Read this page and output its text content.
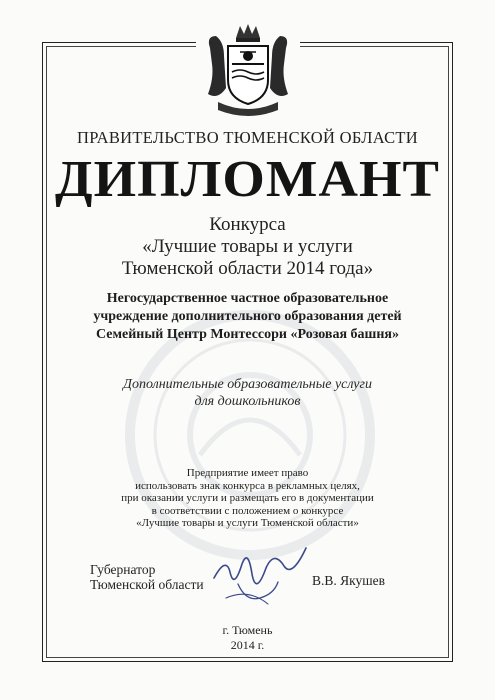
ПРАВИТЕЛЬСТВО ТЮМЕНСКОЙ ОБЛАСТИ
ДИПЛОМАНТ
Конкурса
«Лучшие товары и услуги
Тюменской области 2014 года»
Негосударственное частное образовательное
учреждение дополнительного образования детей
Семейный Центр Монтессори «Розовая башня»
Дополнительные образовательные услуги
для дошкольников
Предприятие имеет право
использовать знак конкурса в рекламных целях,
при оказании услуги и размещать его в документации
в соответствии с положением о конкурсе
«Лучшие товары и услуги Тюменской области»
Губернатор
Тюменской области	В.В. Якушев
г. Тюмень
2014 г.
